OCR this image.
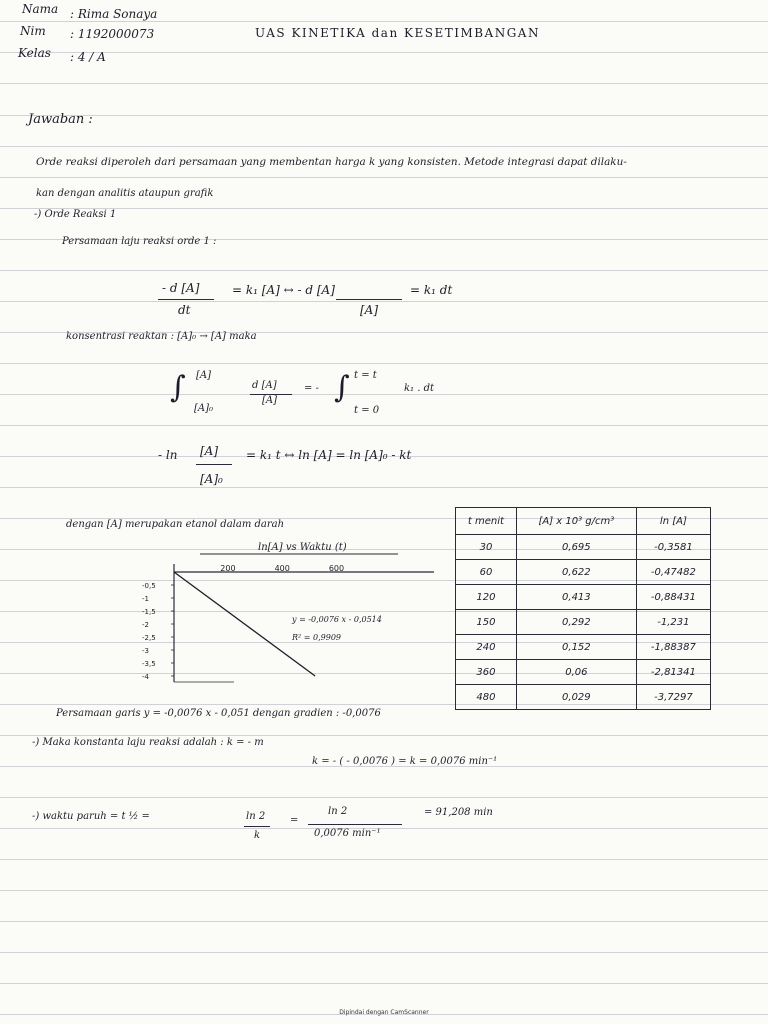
Nama : Rima Sonaya
Nim : 1192000073
Kelas : 4 / A
UAS KINETIKA dan KESETIMBANGAN
Jawaban :
Orde reaksi diperoleh dari persamaan yang membentan harga k yang konsisten. Metode integrasi dapat dilaku-
kan dengan analitis ataupun grafik
-) Orde Reaksi 1
Persamaan laju reaksi orde 1 :
- d [A]
dt
= k₁ [A] ↔ - d [A]
[A]
= k₁ dt
konsentrasi reaktan : [A]₀ → [A] maka
∫ [A]
[A]₀
d [A]
[A]
= - ∫ t = t
t = 0
k₁ . dt
- ln [A]
[A]₀
= k₁ t ↔ ln [A] = ln [A]₀ - kt
dengan [A] merupakan etanol dalam darah
ln[A] vs Waktu (t)
200	400	600
-0,5
-1
-1,5
-2
-2,5
-3
-3,5
-4
y = -0,0076 x - 0,0514
R² = 0,9909
t menit	[A] x 10³ g/cm³	ln [A]
30	0,695	-0,3581
60	0,622	-0,47482
120	0,413	-0,88431
150	0,292	-1,231
240	0,152	-1,88387
360	0,06	-2,81341
480	0,029	-3,7297
Persamaan garis y = -0,0076 x - 0,051 dengan gradien : -0,0076
-) Maka konstanta laju reaksi adalah : k = - m
k = - ( - 0,0076 ) = k = 0,0076 min⁻¹
-) waktu paruh = t ½ =	ln 2
k
=
ln 2
0,0076 min⁻¹
= 91,208 min
Dipindai dengan CamScanner
